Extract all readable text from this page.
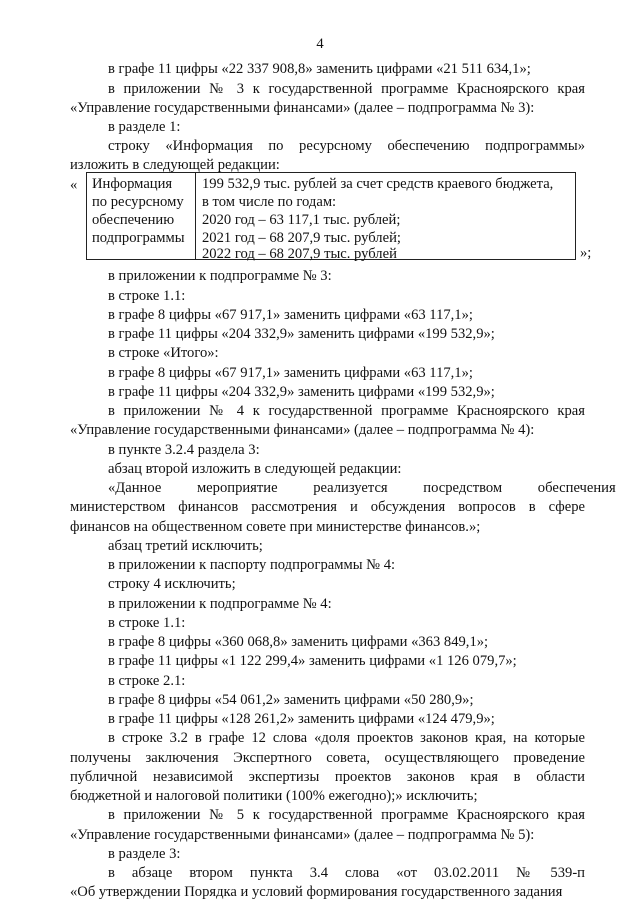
4
в графе 11 цифры «22 337 908,8» заменить цифрами «21 511 634,1»;
в приложении № 3 к государственной программе Красноярского края
«Управление государственными финансами» (далее – подпрограмма № 3):
в разделе 1:
строку «Информация по ресурсному обеспечению подпрограммы»
изложить в следующей редакции:
« Информация
по ресурсному
обеспечению
подпрограммы
199 532,9 тыс. рублей за счет средств краевого бюджета,
в том числе по годам:
2020 год – 63 117,1 тыс. рублей;
2021 год – 68 207,9 тыс. рублей;
2022 год – 68 207,9 тыс. рублей	»;
в приложении к подпрограмме № 3:
в строке 1.1:
в графе 8 цифры «67 917,1» заменить цифрами «63 117,1»;
в графе 11 цифры «204 332,9» заменить цифрами «199 532,9»;
в строке «Итого»:
в графе 8 цифры «67 917,1» заменить цифрами «63 117,1»;
в графе 11 цифры «204 332,9» заменить цифрами «199 532,9»;
в приложении № 4 к государственной программе Красноярского края
«Управление государственными финансами» (далее – подпрограмма № 4):
в пункте 3.2.4 раздела 3:
абзац второй изложить в следующей редакции:
«Данное мероприятие реализуется посредством обеспечения
министерством финансов рассмотрения и обсуждения вопросов в сфере
финансов на общественном совете при министерстве финансов.»;
абзац третий исключить;
в приложении к паспорту подпрограммы № 4:
строку 4 исключить;
в приложении к подпрограмме № 4:
в строке 1.1:
в графе 8 цифры «360 068,8» заменить цифрами «363 849,1»;
в графе 11 цифры «1 122 299,4» заменить цифрами «1 126 079,7»;
в строке 2.1:
в графе 8 цифры «54 061,2» заменить цифрами «50 280,9»;
в графе 11 цифры «128 261,2» заменить цифрами «124 479,9»;
в строке 3.2 в графе 12 слова «доля проектов законов края, на которые
получены заключения Экспертного совета, осуществляющего проведение
публичной независимой экспертизы проектов законов края в области
бюджетной и налоговой политики (100% ежегодно);» исключить;
в приложении № 5 к государственной программе Красноярского края
«Управление государственными финансами» (далее – подпрограмма № 5):
в разделе 3:
в абзаце втором пункта 3.4 слова «от 03.02.2011 № 539-п
«Об утверждении Порядка и условий формирования государственного задания
